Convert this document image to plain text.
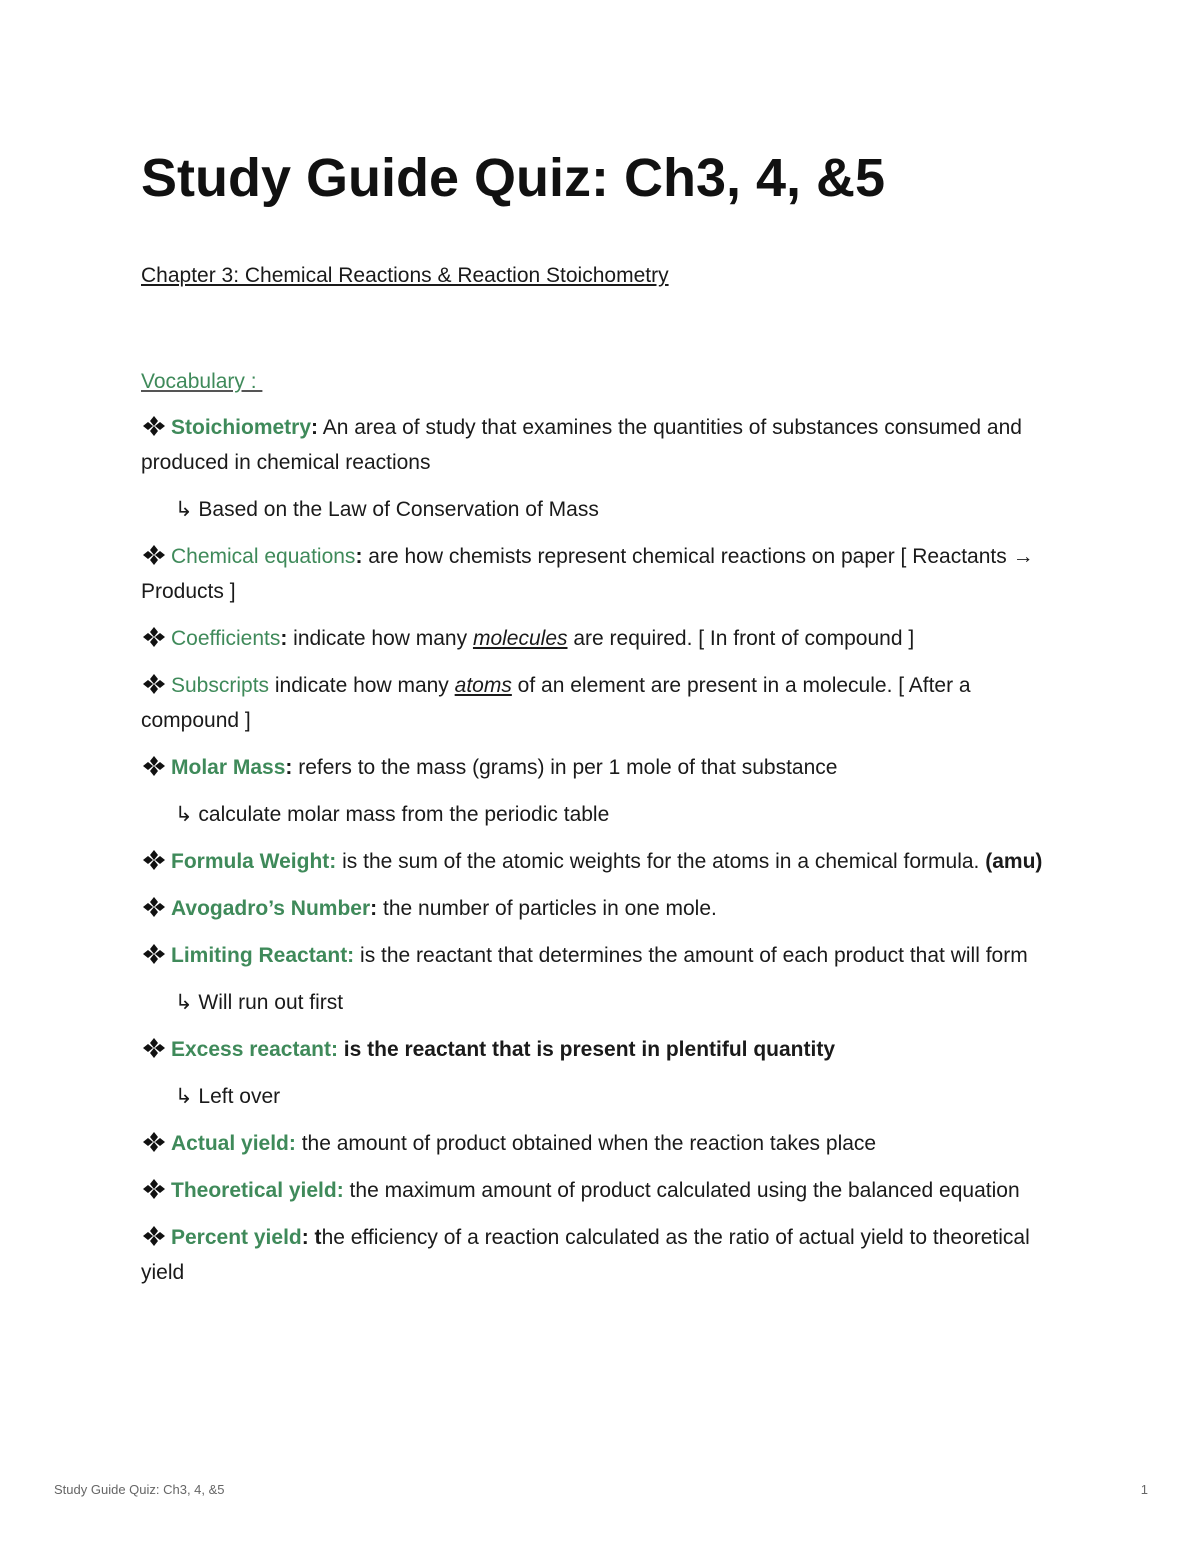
Study Guide Quiz: Ch3, 4, &5
Chapter 3: Chemical Reactions & Reaction Stoichometry
Vocabulary :

Stoichiometry: An area of study that examines the quantities of substances consumed and produced in chemical reactions

↳ Based on the Law of Conservation of Mass

Chemical equations: are how chemists represent chemical reactions on paper [ Reactants → Products ]

Coefficients: indicate how many molecules are required. [ In front of compound ]

Subscripts indicate how many atoms of an element are present in a molecule. [ After a compound ]

Molar Mass: refers to the mass (grams) in per 1 mole of that substance

↳ calculate molar mass from the periodic table

Formula Weight: is the sum of the atomic weights for the atoms in a chemical formula. (amu)

Avogadro’s Number: the number of particles in one mole.

Limiting Reactant: is the reactant that determines the amount of each product that will form

↳ Will run out first

Excess reactant: is the reactant that is present in plentiful quantity

↳ Left over

Actual yield: the amount of product obtained when the reaction takes place

Theoretical yield: the maximum amount of product calculated using the balanced equation

Percent yield: the efficiency of a reaction calculated as the ratio of actual yield to theoretical yield

Study Guide Quiz: Ch3, 4, &5	1
